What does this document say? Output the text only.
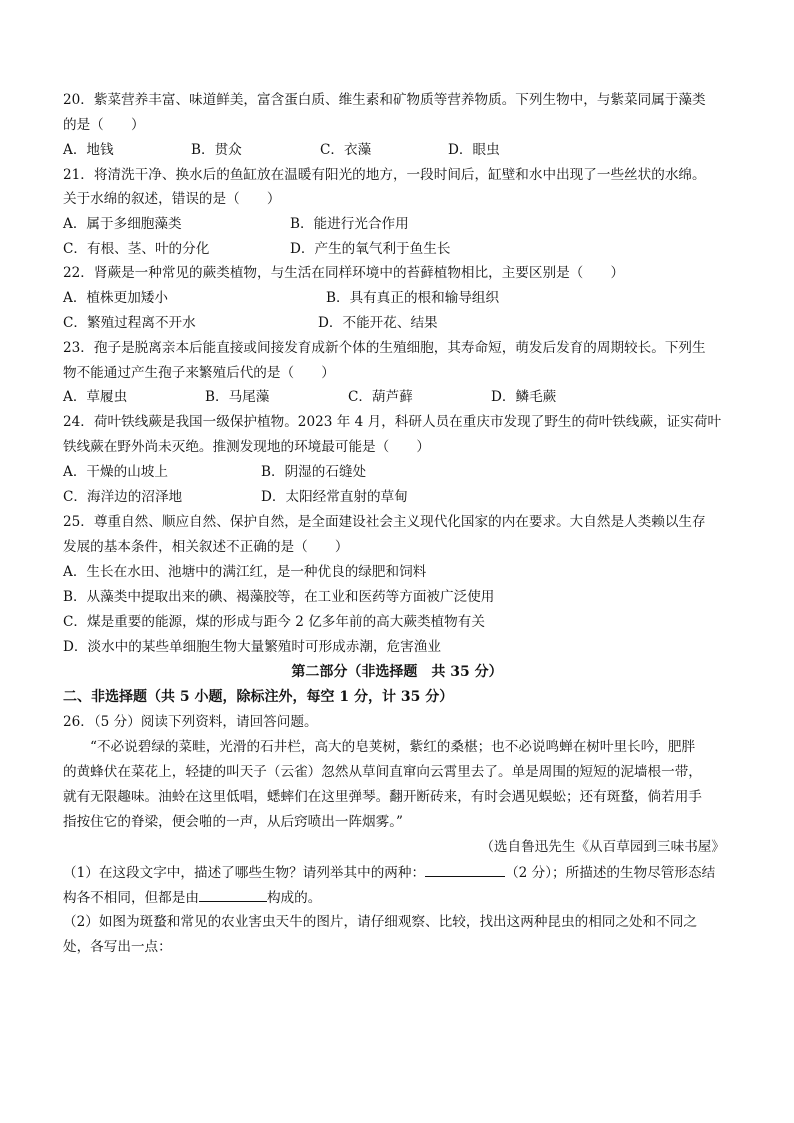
20．紫菜营养丰富、味道鲜美，富含蛋白质、维生素和矿物质等营养物质。下列生物中，与紫菜同属于藻类
的是（　　）
A．地钱	B．贯众	C．衣藻	D．眼虫
21．将清洗干净、换水后的鱼缸放在温暖有阳光的地方，一段时间后，缸壁和水中出现了一些丝状的水绵。
关于水绵的叙述，错误的是（　　）
A．属于多细胞藻类	B．能进行光合作用
C．有根、茎、叶的分化	D．产生的氧气利于鱼生长
22．肾蕨是一种常见的蕨类植物，与生活在同样环境中的苔藓植物相比，主要区别是（　　）
A．植株更加矮小	B．具有真正的根和输导组织
C．繁殖过程离不开水	D．不能开花、结果
23．孢子是脱离亲本后能直接或间接发育成新个体的生殖细胞，其寿命短，萌发后发育的周期较长。下列生
物不能通过产生孢子来繁殖后代的是（　　）
A．草履虫	B．马尾藻	C．葫芦藓	D．鳞毛蕨
24．荷叶铁线蕨是我国一级保护植物。2023 年 4 月，科研人员在重庆市发现了野生的荷叶铁线蕨，证实荷叶
铁线蕨在野外尚未灭绝。推测发现地的环境最可能是（　　）
A．干燥的山坡上	B．阴湿的石缝处
C．海洋边的沼泽地	D．太阳经常直射的草甸
25．尊重自然、顺应自然、保护自然，是全面建设社会主义现代化国家的内在要求。大自然是人类赖以生存
发展的基本条件，相关叙述不正确的是（　　）
A．生长在水田、池塘中的满江红，是一种优良的绿肥和饲料
B．从藻类中提取出来的碘、褐藻胶等，在工业和医药等方面被广泛使用
C．煤是重要的能源，煤的形成与距今 2 亿多年前的高大蕨类植物有关
D．淡水中的某些单细胞生物大量繁殖时可形成赤潮，危害渔业
第二部分（非选择题　共 35 分）
二、非选择题（共 5 小题，除标注外，每空 1 分，计 35 分）
26．（5 分）阅读下列资料，请回答问题。
“不必说碧绿的菜畦，光滑的石井栏，高大的皂荚树，紫红的桑椹；也不必说鸣蝉在树叶里长吟，肥胖
的黄蜂伏在菜花上，轻捷的叫天子（云雀）忽然从草间直窜向云霄里去了。单是周围的短短的泥墙根一带，
就有无限趣味。油蛉在这里低唱，蟋蟀们在这里弹琴。翻开断砖来，有时会遇见蜈蚣；还有斑蝥，倘若用手
指按住它的脊梁，便会啪的一声，从后窍喷出一阵烟雾。”
（选自鲁迅先生《从百草园到三味书屋》
（1）在这段文字中，描述了哪些生物？请列举其中的两种：	（2 分）；所描述的生物尽管形态结
构各不相同，但都是由	构成的。
（2）如图为斑蝥和常见的农业害虫天牛的图片，请仔细观察、比较，找出这两种昆虫的相同之处和不同之
处，各写出一点：
